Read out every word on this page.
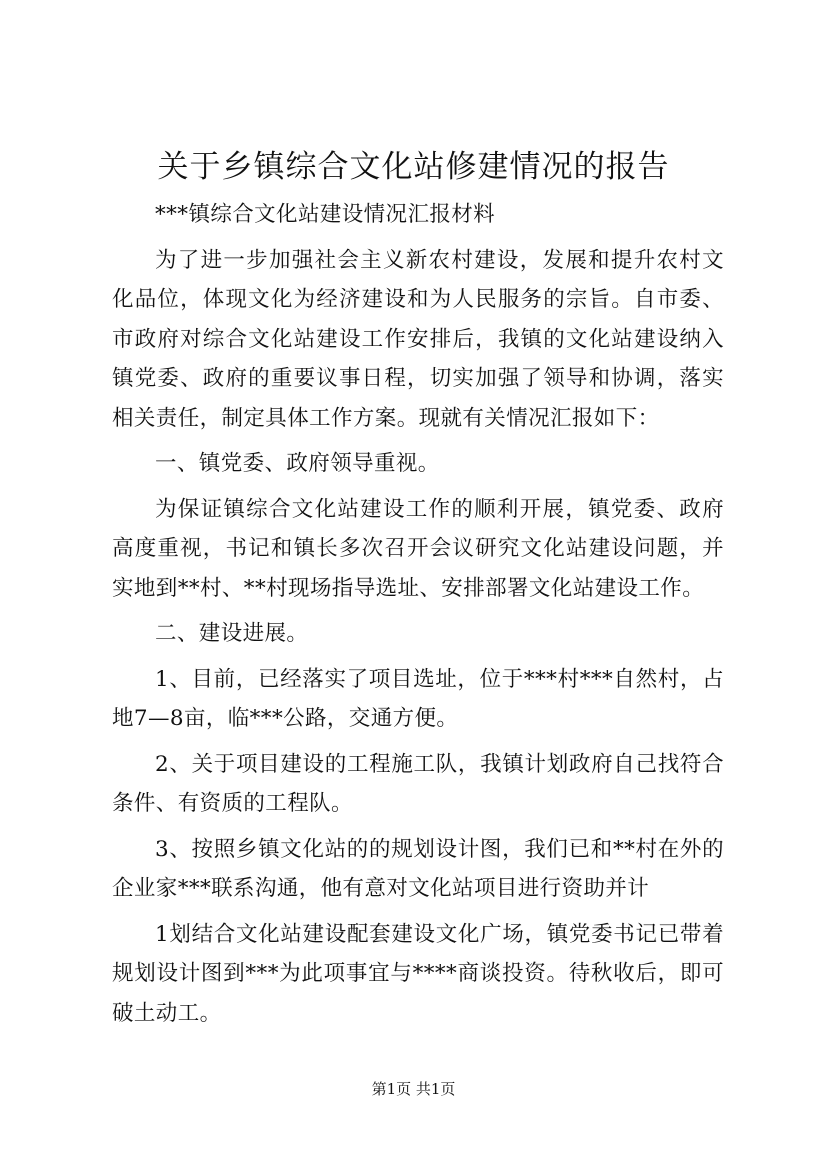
关于乡镇综合文化站修建情况的报告

***镇综合文化站建设情况汇报材料

为了进一步加强社会主义新农村建设，发展和提升农村文化品位，体现文化为经济建设和为人民服务的宗旨。自市委、市政府对综合文化站建设工作安排后，我镇的文化站建设纳入镇党委、政府的重要议事日程，切实加强了领导和协调，落实相关责任，制定具体工作方案。现就有关情况汇报如下：

一、镇党委、政府领导重视。

为保证镇综合文化站建设工作的顺利开展，镇党委、政府高度重视，书记和镇长多次召开会议研究文化站建设问题，并实地到**村、**村现场指导选址、安排部署文化站建设工作。

二、建设进展。

1、目前，已经落实了项目选址，位于***村***自然村，占地7—8亩，临***公路，交通方便。

2、关于项目建设的工程施工队，我镇计划政府自己找符合条件、有资质的工程队。

3、按照乡镇文化站的的规划设计图，我们已和**村在外的企业家***联系沟通，他有意对文化站项目进行资助并计

1划结合文化站建设配套建设文化广场，镇党委书记已带着规划设计图到***为此项事宜与****商谈投资。待秋收后，即可破土动工。

第1页 共1页
